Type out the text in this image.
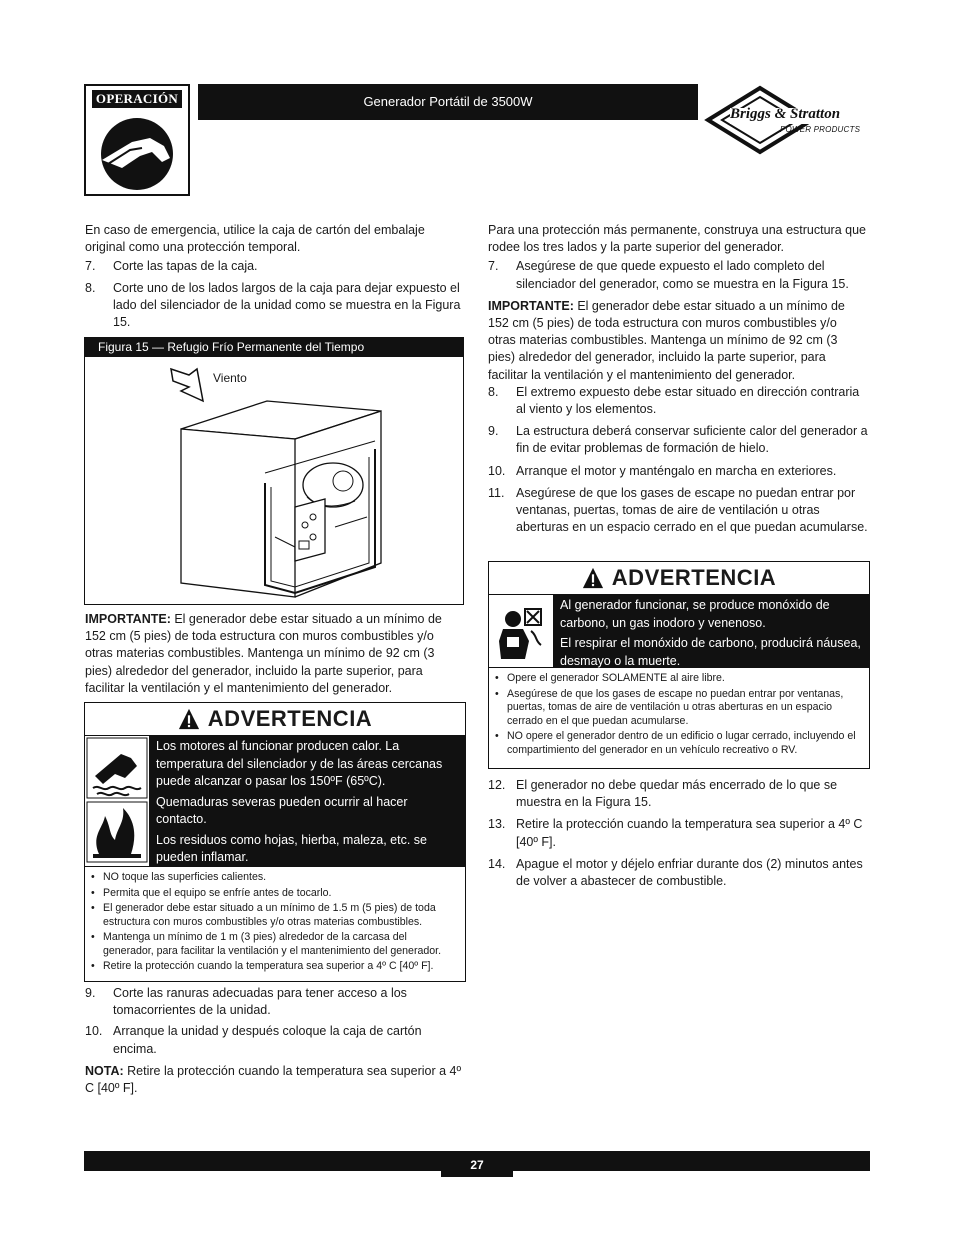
OPERACIÓN	Generador Portátil de 3500W
Briggs & Stratton
POWER PRODUCTS

En caso de emergencia, utilice la caja de cartón del embalaje original como una protección temporal.

7.	Corte las tapas de la caja.
8.	Corte uno de los lados largos de la caja para dejar expuesto el lado del silenciador de la unidad como se muestra en la Figura 15.
Figura 15 — Refugio Frío Permanente del Tiempo
Viento

IMPORTANTE: El generador debe estar situado a un mínimo de 152 cm (5 pies) de toda estructura con muros combustibles y/o otras materias combustibles. Mantenga un mínimo de 92 cm (3 pies) alrededor del generador, incluido la parte superior, para facilitar la ventilación y el mantenimiento del generador.

ADVERTENCIA

Los motores al funcionar producen calor. La temperatura del silenciador y de las áreas cercanas puede alcanzar o pasar los 150ºF (65ºC).

Quemaduras severas pueden ocurrir al hacer contacto.

Los residuos como hojas, hierba, maleza, etc. se pueden inflamar.

• NO toque las superficies calientes.
• Permita que el equipo se enfríe antes de tocarlo.
• El generador debe estar situado a un mínimo de 1.5 m (5 pies) de toda estructura con muros combustibles y/o otras materias combustibles.
• Mantenga un mínimo de 1 m (3 pies) alrededor de la carcasa del generador, para facilitar la ventilación y el mantenimiento del generador.
• Retire la protección cuando la temperatura sea superior a 4º C [40º F].
9.	Corte las ranuras adecuadas para tener acceso a los tomacorrientes de la unidad.
10. Arranque la unidad y después coloque la caja de cartón encima.

NOTA: Retire la protección cuando la temperatura sea superior a 4º C [40º F].

Para una protección más permanente, construya una estructura que rodee los tres lados y la parte superior del generador.

7.	Asegúrese de que quede expuesto el lado completo del silenciador del generador, como se muestra en la Figura 15.

IMPORTANTE: El generador debe estar situado a un mínimo de 152 cm (5 pies) de toda estructura con muros combustibles y/o otras materias combustibles. Mantenga un mínimo de 92 cm (3 pies) alrededor del generador, incluido la parte superior, para facilitar la ventilación y el mantenimiento del generador.

8.	El extremo expuesto debe estar situado en dirección contraria al viento y los elementos.
9.	La estructura deberá conservar suficiente calor del generador a fin de evitar problemas de formación de hielo.
10. Arranque el motor y manténgalo en marcha en exteriores.
11. Asegúrese de que los gases de escape no puedan entrar por ventanas, puertas, tomas de aire de ventilación u otras aberturas en un espacio cerrado en el que puedan acumularse.
ADVERTENCIA

Al generador funcionar, se produce monóxido de carbono, un gas inodoro y venenoso.

El respirar el monóxido de carbono, producirá náusea, desmayo o la muerte.

• Opere el generador SOLAMENTE al aire libre.
• Asegúrese de que los gases de escape no puedan entrar por ventanas, puertas, tomas de aire de ventilación u otras aberturas en un espacio cerrado en el que puedan acumularse.
• NO opere el generador dentro de un edificio o lugar cerrado, incluyendo el compartimiento del generador en un vehículo recreativo o RV.
12. El generador no debe quedar más encerrado de lo que se muestra en la Figura 15.
13. Retire la protección cuando la temperatura sea superior a 4º C [40º F].
14. Apague el motor y déjelo enfriar durante dos (2) minutos antes de volver a abastecer de combustible.
27
